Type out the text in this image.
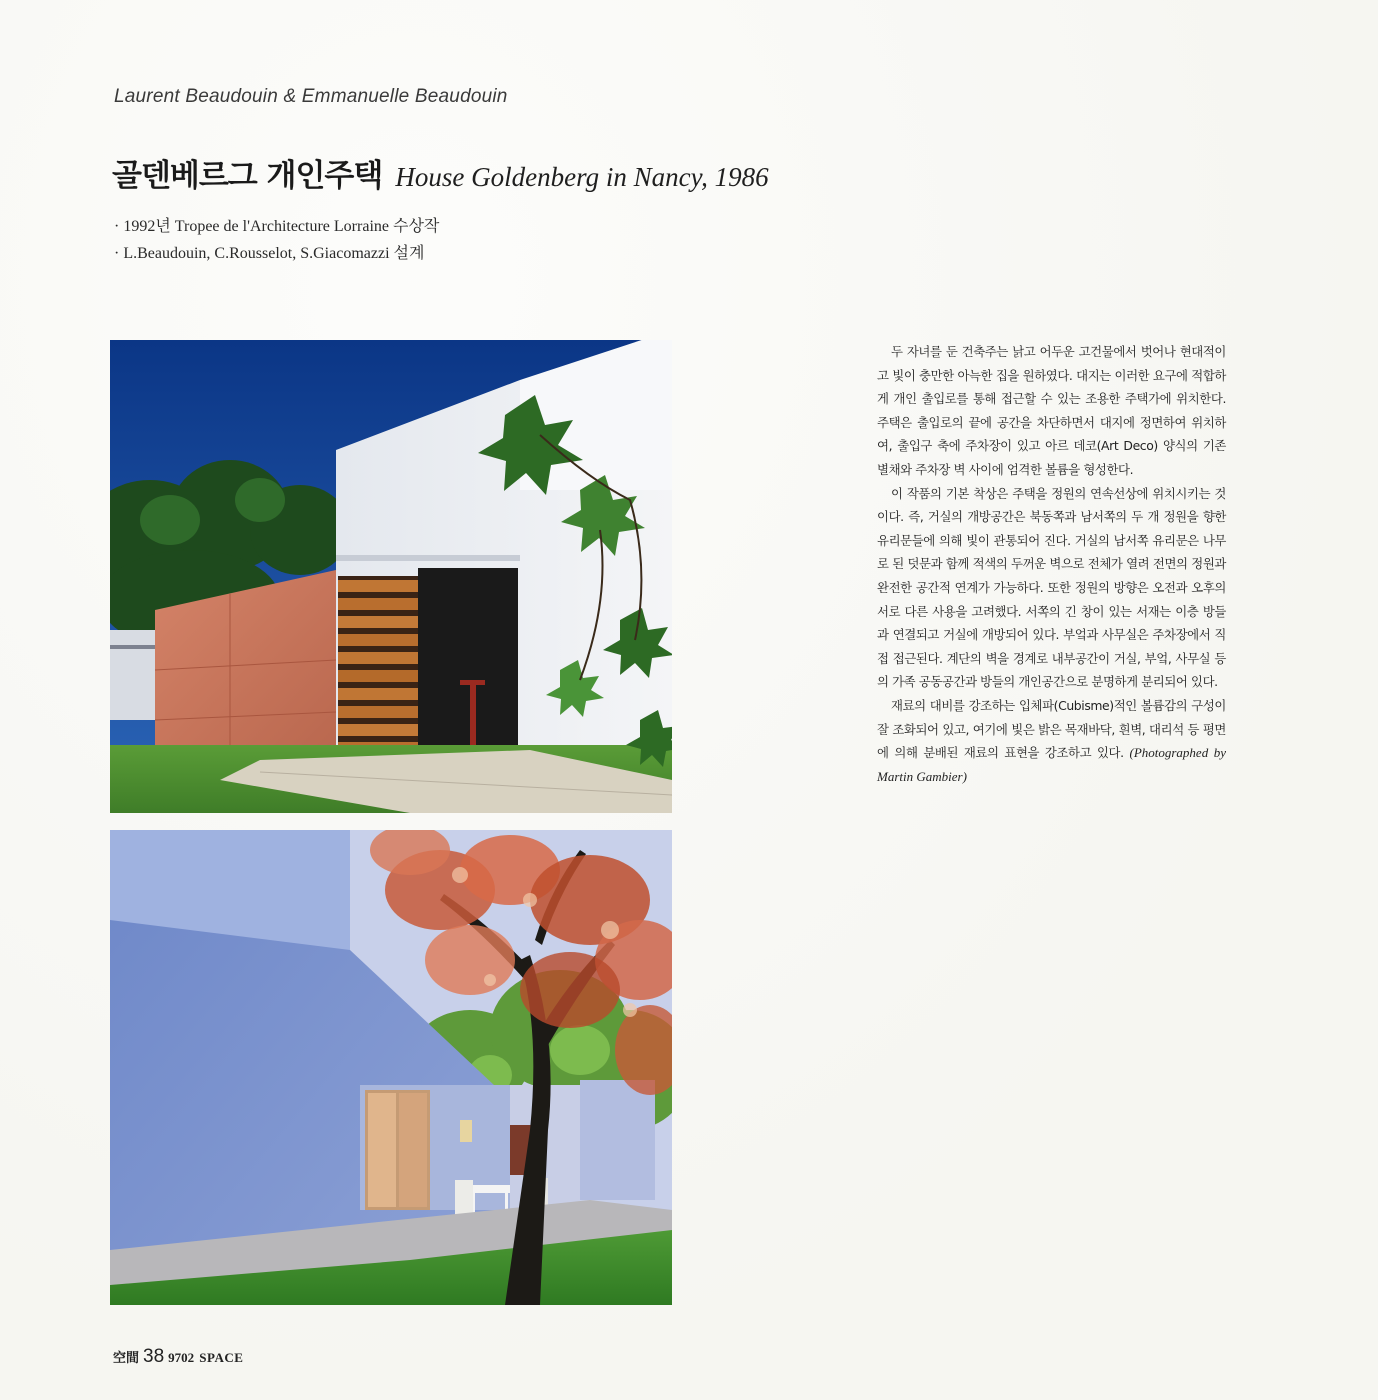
Laurent Beaudouin & Emmanuelle Beaudouin
골덴베르그 개인주택 House Goldenberg in Nancy, 1986
· 1992년 Tropee de l'Architecture Lorraine 수상작
· L.Beaudouin, C.Rousselot, S.Giacomazzi 설계

두 자녀를 둔 건축주는 낡고 어두운 고건물에서 벗어나 현대적이고 빛이 충만한 아늑한 집을 원하였다. 대지는 이러한 요구에 적합하게 개인 출입로를 통해 접근할 수 있는 조용한 주택가에 위치한다. 주택은 출입로의 끝에 공간을 차단하면서 대지에 정면하여 위치하여, 출입구 축에 주차장이 있고 아르 데코(Art Deco) 양식의 기존 별채와 주차장 벽 사이에 엄격한 볼륨을 형성한다.

이 작품의 기본 착상은 주택을 정원의 연속선상에 위치시키는 것이다. 즉, 거실의 개방공간은 북동쪽과 남서쪽의 두 개 정원을 향한 유리문들에 의해 빛이 관통되어 진다. 거실의 남서쪽 유리문은 나무로 된 덧문과 함께 적색의 두꺼운 벽으로 전체가 열려 전면의 정원과 완전한 공간적 연계가 가능하다. 또한 정원의 방향은 오전과 오후의 서로 다른 사용을 고려했다. 서쪽의 긴 창이 있는 서재는 이층 방들과 연결되고 거실에 개방되어 있다. 부엌과 사무실은 주차장에서 직접 접근된다. 계단의 벽을 경계로 내부공간이 거실, 부엌, 사무실 등의 가족 공동공간과 방들의 개인공간으로 분명하게 분리되어 있다.

재료의 대비를 강조하는 입체파(Cubisme)적인 볼륨감의 구성이 잘 조화되어 있고, 여기에 빛은 밝은 목재바닥, 흰벽, 대리석 등 평면에 의해 분배된 재료의 표현을 강조하고 있다. (Photographed by Martin Gambier)

空間 38 9702 SPACE
